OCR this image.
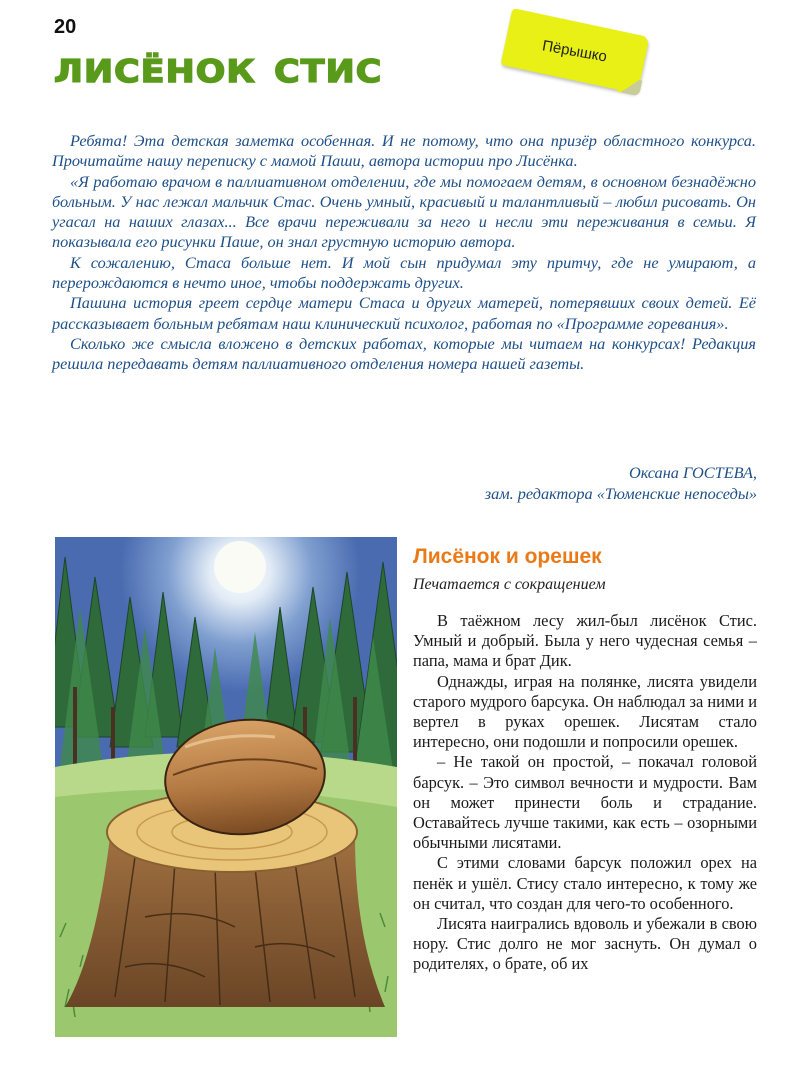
20
лисёнок стис	Пёрышко

Ребята! Эта детская заметка особенная. И не потому, что она призёр областного конкурса. Прочитайте нашу переписку с мамой Паши, автора истории про Лисёнка.

«Я работаю врачом в паллиативном отделении, где мы помогаем детям, в основном безнадёжно больным. У нас лежал мальчик Стас. Очень умный, красивый и талантливый – любил рисовать. Он угасал на наших глазах... Все врачи переживали за него и несли эти переживания в семьи. Я показывала его рисунки Паше, он знал грустную историю автора.

К сожалению, Стаса больше нет. И мой сын придумал эту притчу, где не умирают, а перерождаются в нечто иное, чтобы поддержать других.

Пашина история греет сердце матери Стаса и других матерей, потерявших своих детей. Её рассказывает больным ребятам наш клинический психолог, работая по «Программе горевания».

Сколько же смысла вложено в детских работах, которые мы читаем на конкурсах! Редакция решила передавать детям паллиативного отделения номера нашей газеты.

Оксана ГОСТЕВА,
зам. редактора «Тюменские непоседы»
Лисёнок и орешек
Печатается с сокращением

В таёжном лесу жил-был лисёнок Стис. Умный и добрый. Была у него чудесная семья – папа, мама и брат Дик.

Однажды, играя на полянке, лисята увидели старого мудрого барсука. Он наблюдал за ними и вертел в руках орешек. Лисятам стало интересно, они подошли и попросили орешек.

– Не такой он простой, – покачал головой барсук. – Это символ вечности и мудрости. Вам он может принести боль и страдание. Оставайтесь лучше такими, как есть – озорными обычными лисятами.

С этими словами барсук положил орех на пенёк и ушёл. Стису стало интересно, к тому же он считал, что создан для чего-то особенного.

Лисята наигрались вдоволь и убежали в свою нору. Стис долго не мог заснуть. Он думал о родителях, о брате, об их
